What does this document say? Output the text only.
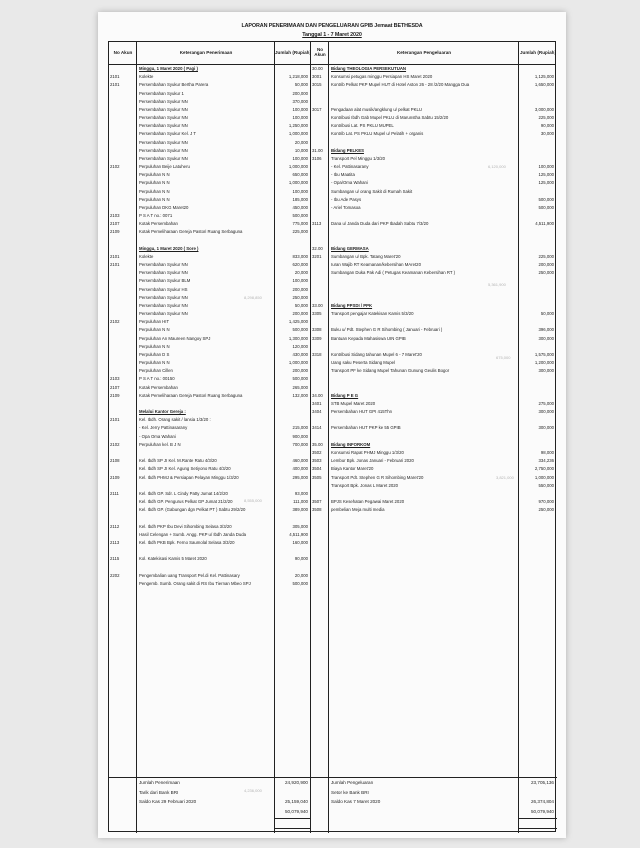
LAPORAN PENERIMAAN DAN PENGELUARAN GPIB Jemaat BETHESDA
Tanggal 1 - 7 Maret 2020
No Akun	Keterangan Penerimaan	Jumlah (Rupiah)	No Akun	Keterangan Pengeluaran	Jumlah (Rupiah)
Minggu, 1 Maret 2020 ( Pagi )
2101	Kolekte	1,218,000
2101	Persembahan Syukur Bertha Parera	50,000
Persembahan Syukur 1	200,000
Persembahan Syukur NN	370,000
Persembahan Syukur NN	100,000
Persembahan Syukur NN	100,000
Persembahan Syukur NN	1,250,000
Persembahan Syukur Kel. J T	1,000,000
Persembahan Syukur NN	20,000
Persembahan Syukur NN	10,000
Persembahan Syukur NN	100,000
2102	Perpuluhan Beije Latuheru	1,000,000
Perpuluhan N N	650,000
Perpuluhan N N	1,000,000
Perpuluhan N N	100,000
Perpuluhan N N	185,000
Perpuluhan DKG Maret20	450,000
2103	P S A T no.: 0071	500,000
2107	Kotak Persembahan	775,000
2109	Kotak Pemeliharaan Gereja Pastori Ruang Serbaguna	225,000
Minggu, 1 Maret 2020 ( Sore )
2101	Kolekte	833,000
2101	Persembahan Syukur NN	620,000
Persembahan Syukur NN	20,000
Persembahan Syukur BLM	100,000
Persembahan Syukur HS	200,000
Persembahan Syukur NN	250,000
Persembahan Syukur NN	50,000
Persembahan Syukur NN	200,000
2102	Perpuluhan HIT	1,425,000
Perpuluhan N N	500,000
Perpuluhan An Maureen Nangoy SPJ	1,300,000
Perpuluhan N N	120,000
Perpuluhan D S	430,000
Perpuluhan N N	1,000,000
Perpuluhan Cillen	200,000
2103	P S A T no.: 00150	500,000
2107	Kotak Persembahan	265,000
2109	Kotak Pemeliharaan Gereja Pastori Ruang Serbaguna	132,000
Melalui Kantor Gereja :
2101	Kel. Ibdh. Orang sakit / lansia 1/3/20 :
- Kel. Jerry Pattinasarany	215,000
- Opa Oma Wahani	900,000
2102	Perpuluhan kel. B J N	700,000
2108	Kel. Ibdh SP JI Kel. M.Rante Ratu 4/3/20	460,000
Kel. Ibdh SP JI Kel. Agung Setiyono Ratu 4/3/20	400,000
2109	Kel. Ibdh PHMJ & Persiapan Pelayan Minggu 1/3/20	295,000
2111	Kel. Ibdh GP. Sdr. L Cindy Patty Jumat 14/2/20	93,000
Kel. Ibdh GP. Pengurus Pelkat GP Jumat 21/2/20	111,000
Kel. Ibdh GP. (Gabungan dgn Pelkat PT ) Sabtu 29/2/20	389,000
2112	Kel. Ibdh PKP Ibu Devi Sihombing Selasa 3/3/20	305,000
Hasil Celengan + Sumb. Angg. PKP u/ Ibdh Janda Duda	4,511,900
2113	Kel. Ibdh PKB Bpk. Ferno Saumolal Selasa 3/3/20	160,000
2115	Kol. Katekisasi Kamis 5 Maret 2020	90,000
2202	Pengembalian uang Transport Pel.di Kel. Pattinasary	20,000
Pengemb. Sumb. Orang sakit di RS Ibu Tiernan Mbeo SPJ	500,000
30.00	Bidang THEOLOGIA PERSEKUTUAN
3001	Konsumsi petugas minggu Persiapan HS Maret 2020	1,125,000
3015	Kontrib Pelkat PKP Mupel HUT di Hotel Aston 26 - 28 /2/20 Mangga Dua	1,650,000
3017	Pengadaan alat musik/angklung u/ pelkat PKLU	3,000,000
Kontribusi Ibdh Gab Mupel PKLU di Marunstha Sabtu 15/2/20	225,000
Kontribusi Lat. PS PKLU MUPEL	90,000
Kontrib Lat. PS PKLU Mupel u/ Pelatih + organis	30,000
31.00	Bidang PELKES
3106	Transport Pel Minggu 1/3/20
- Kel. Pattinasarany	100,000
- Ibu Maatita	125,000
- Opa/Oma Wahani	125,000
Sumbangan u/ orang Sakit di Rumah Sakit
- Ibu Ade Pasys	500,000
- Ariel Tomasoa	500,000
3113	Dana u/ Janda Duda dari PKP Ibadah Sabtu 7/3/20	4,511,900
32.00	Bidang GERMASA
3201	Sumbangan u/ Bpk. Tatang Maret'20	225,000
Iuran Wajib RT Keamanan/kebersihan MAret20	200,000
Sumbangan Duka Pak Adi ( Petugas Keamanan Kebersihan RT )	250,000
33.00	Bidang PPSDI / PPK
3305	Transport pengajar Katekisan Kamis 5/3/20	50,000
3308	Buku u/ Pdt. Stephen G R Sihombing ( Januari - Februari )	396,000
3309	Bantuan Kepada Mahasiswa UIN GPIB	300,000
3318	Kontribusi Sidang tahunan Mupel 6 - 7 Maret'20	1,575,000
Uang saku Peserta Sidang Mupel	1,200,000
Transport PF ke Sidang Mupel Tahunan Gunung Geulis Bogor	300,000
34.00	Bidang P E G
3401	STB Mupel Maret 2020	275,000
3404	Persembahan HUT GPI 415Thn	300,000
3414	Persembahan HUT PKP ke 55 GPIB	300,000
35.00	Bidang INFORKOM
3502	Konsumsi Rapat PHMJ Minggu 1/3/20	98,000
3503	Lembur Bpk. Jonas Januari - Februari 2020	334,236
3504	Biaya Kantor Maret'20	2,750,000
3505	Transport Pdt. Stephen G R Sihombing Maret'20	1,000,000
Transport Bpk. Jonas L Maret 2020	550,000
3507	BPJS Kesehatan Pegawai Maret 2020	970,000
3508	pembelian Meja multi media	250,000
Jumlah Penerimaan	24,920,900
Tarik dari Bank BRI
Saldo Kas 29 Februari 2020	25,159,040
50,079,940
Jumlah Pengeluaran	23,705,136
Setor ke Bank BRI
Saldo Kas 7 Maret 2020	26,374,804
50,079,940
8,298,850
8,555,000
4,236,000
6,120,000
5,361,900
675,000
3,821,000
